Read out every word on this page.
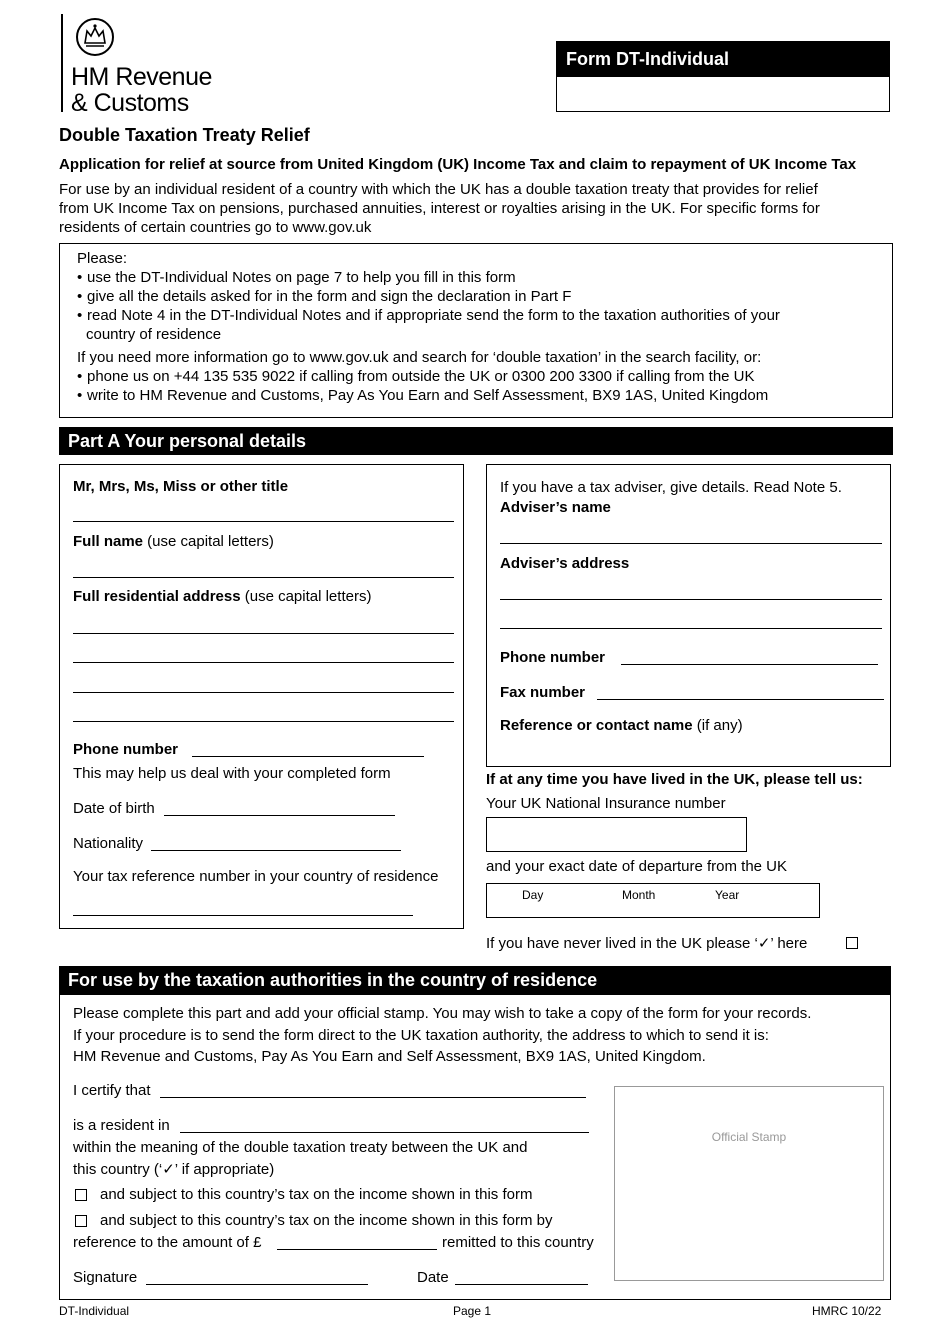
HM Revenue
& Customs
Form DT-Individual
Double Taxation Treaty Relief
Application for relief at source from United Kingdom (UK) Income Tax and claim to repayment of UK Income Tax
For use by an individual resident of a country with which the UK has a double taxation treaty that provides for relief
from UK Income Tax on pensions, purchased annuities, interest or royalties arising in the UK. For specific forms for
residents of certain countries go to www.gov.uk
Please:
• use the DT-Individual Notes on page 7 to help you fill in this form
• give all the details asked for in the form and sign the declaration in Part F
• read Note 4 in the DT-Individual Notes and if appropriate send the form to the taxation authorities of your
country of residence
If you need more information go to www.gov.uk and search for ‘double taxation’ in the search facility, or:
• phone us on +44 135 535 9022 if calling from outside the UK or 0300 200 3300 if calling from the UK
• write to HM Revenue and Customs, Pay As You Earn and Self Assessment, BX9 1AS, United Kingdom
Part A Your personal details
Mr, Mrs, Ms, Miss or other title
Full name (use capital letters)
Full residential address (use capital letters)
Phone number
This may help us deal with your completed form
Date of birth
Nationality
Your tax reference number in your country of residence
If you have a tax adviser, give details. Read Note 5.
Adviser’s name
Adviser’s address
Phone number
Fax number
Reference or contact name (if any)
If at any time you have lived in the UK, please tell us:
Your UK National Insurance number
and your exact date of departure from the UK
Day	Month	Year
If you have never lived in the UK please ‘✓’ here
For use by the taxation authorities in the country of residence
Please complete this part and add your official stamp. You may wish to take a copy of the form for your records.
If your procedure is to send the form direct to the UK taxation authority, the address to which to send it is:
HM Revenue and Customs, Pay As You Earn and Self Assessment, BX9 1AS, United Kingdom.
I certify that
is a resident in
within the meaning of the double taxation treaty between the UK and
this country (‘✓’ if appropriate)
and subject to this country’s tax on the income shown in this form
and subject to this country’s tax on the income shown in this form by
reference to the amount of £	remitted to this country
Signature	Date
Official Stamp
DT-Individual	Page 1	HMRC 10/22
